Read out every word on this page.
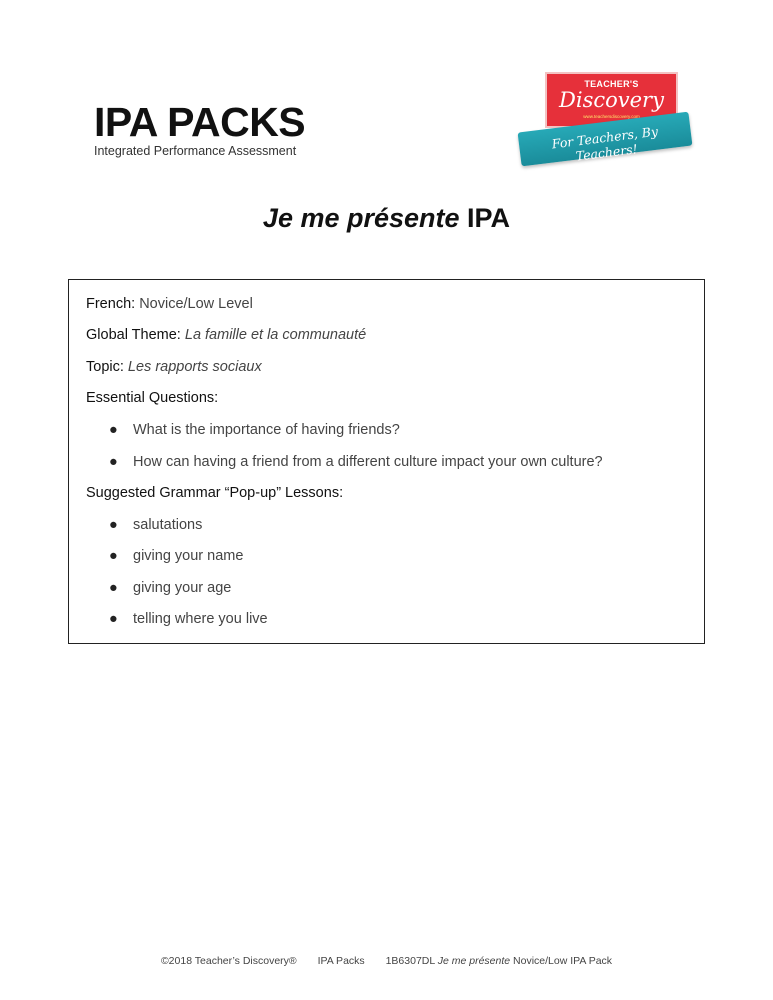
IPA PACKS
Integrated Performance Assessment
TEACHER'S
Discovery
www.teachersdiscovery.com
For Teachers, By Teachers!
Je me présente IPA
French: Novice/Low Level
Global Theme: La famille et la communauté
Topic: Les rapports sociaux
Essential Questions:
● What is the importance of having friends?
● How can having a friend from a different culture impact your own culture?
Suggested Grammar “Pop-up” Lessons:
● salutations
● giving your name
● giving your age
● telling where you live
©2018 Teacher’s Discovery® IPA Packs 1B6307DL Je me présente Novice/Low IPA Pack
